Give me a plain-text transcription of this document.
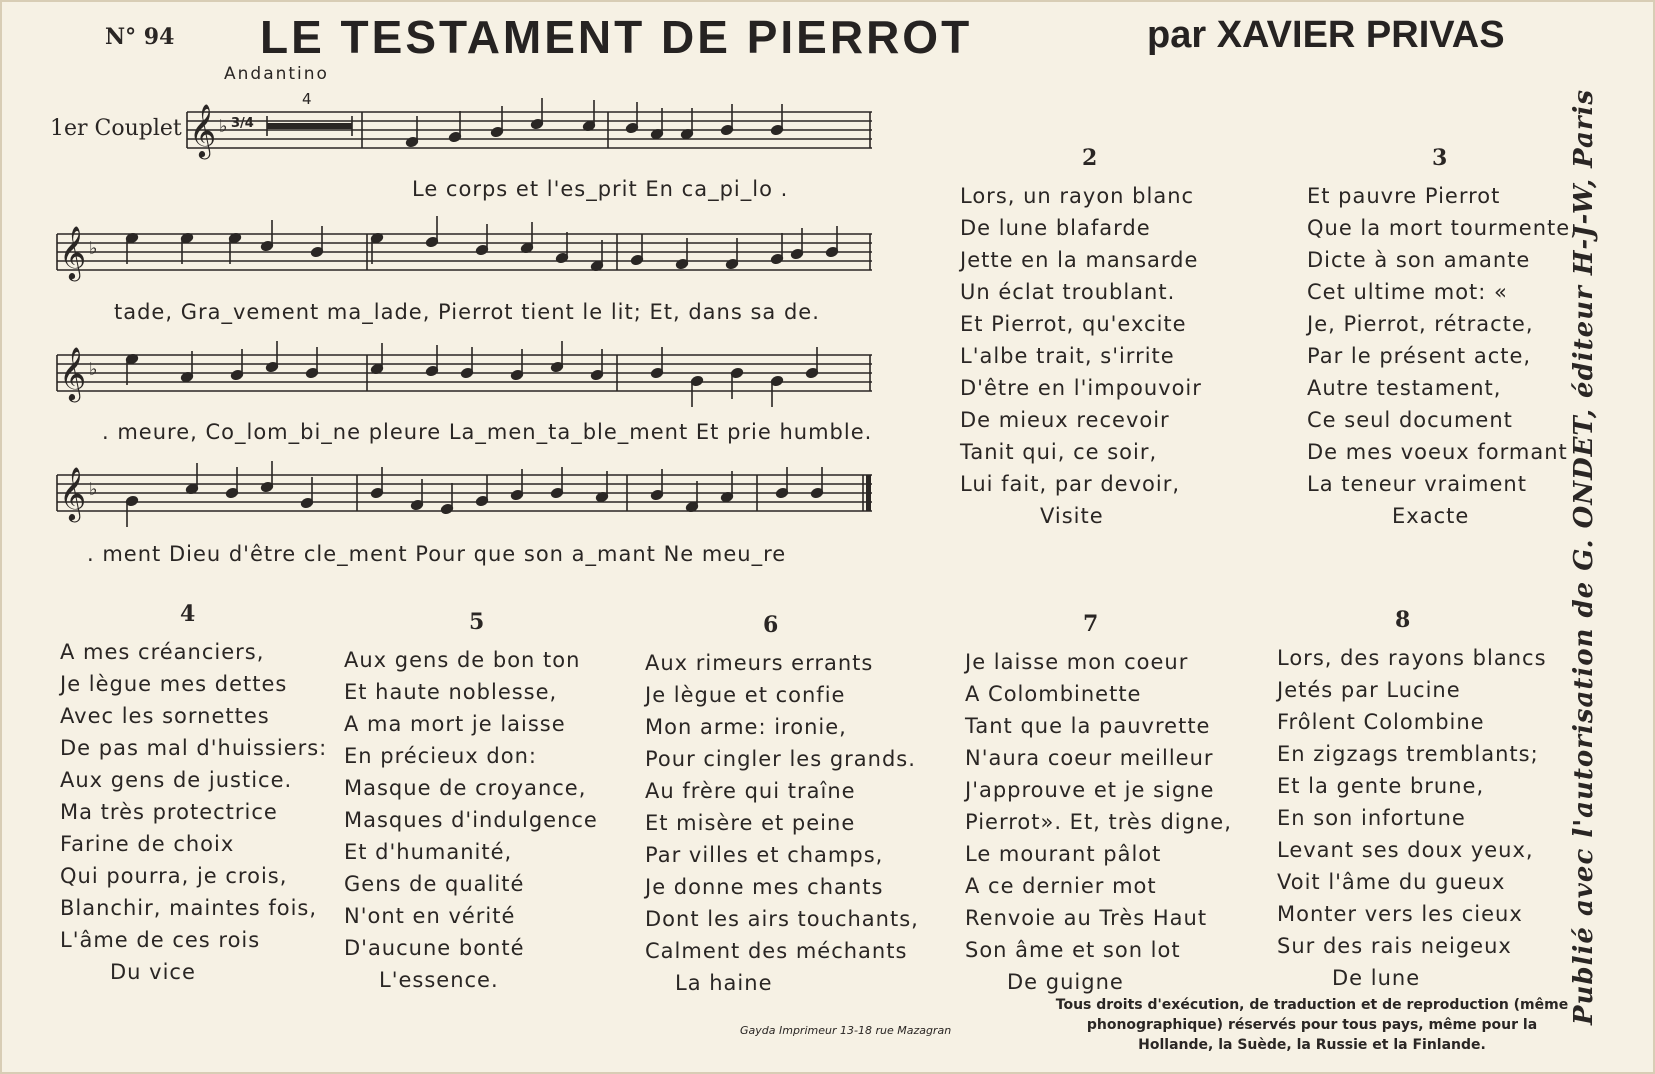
N° 94 LE TESTAMENT DE PIERROT	par XAVIER PRIVAS
Andantino
1er Couplet
4
𝄞 ♭ 3/4
Le corps et l'es_prit En ca_pi_lo .
𝄞 ♭
tade, Gra_vement ma_lade, Pierrot tient le lit; Et, dans sa de.
𝄞 ♭
. meure, Co_lom_bi_ne pleure La_men_ta_ble_ment Et prie humble.
𝄞 ♭
. ment Dieu d'être cle_ment Pour que son a_mant Ne meu_re
2
Lors, un rayon blanc
De lune blafarde
Jette en la mansarde
Un éclat troublant.
Et Pierrot, qu'excite
L'albe trait, s'irrite
D'être en l'impouvoir
De mieux recevoir
Tanit qui, ce soir,
Lui fait, par devoir,
Visite
3
Et pauvre Pierrot
Que la mort tourmente,
Dicte à son amante
Cet ultime mot: «
Je, Pierrot, rétracte,
Par le présent acte,
Autre testament,
Ce seul document
De mes voeux formant
La teneur vraiment
Exacte
4
A mes créanciers,
Je lègue mes dettes
Avec les sornettes
De pas mal d'huissiers:
Aux gens de justice.
Ma très protectrice
Farine de choix
Qui pourra, je crois,
Blanchir, maintes fois,
L'âme de ces rois
Du vice
5
Aux gens de bon ton
Et haute noblesse,
A ma mort je laisse
En précieux don:
Masque de croyance,
Masques d'indulgence
Et d'humanité,
Gens de qualité
N'ont en vérité
D'aucune bonté
L'essence.
6
Aux rimeurs errants
Je lègue et confie
Mon arme: ironie,
Pour cingler les grands.
Au frère qui traîne
Et misère et peine
Par villes et champs,
Je donne mes chants
Dont les airs touchants,
Calment des méchants
La haine
7
Je laisse mon coeur
A Colombinette
Tant que la pauvrette
N'aura coeur meilleur
J'approuve et je signe
Pierrot». Et, très digne,
Le mourant pâlot
A ce dernier mot
Renvoie au Très Haut
Son âme et son lot
De guigne
8
Lors, des rayons blancs
Jetés par Lucine
Frôlent Colombine
En zigzags tremblants;
Et la gente brune,
En son infortune
Levant ses doux yeux,
Voit l'âme du gueux
Monter vers les cieux
Sur des rais neigeux
De lune	Publié avec l'autorisation de G. ONDET, éditeur H-J-W, Paris
Gayda Imprimeur 13-18 rue Mazagran
Tous droits d'exécution, de traduction et de reproduction (même phonographique) réservés pour tous pays, même pour la Hollande, la Suède, la Russie et la Finlande.
